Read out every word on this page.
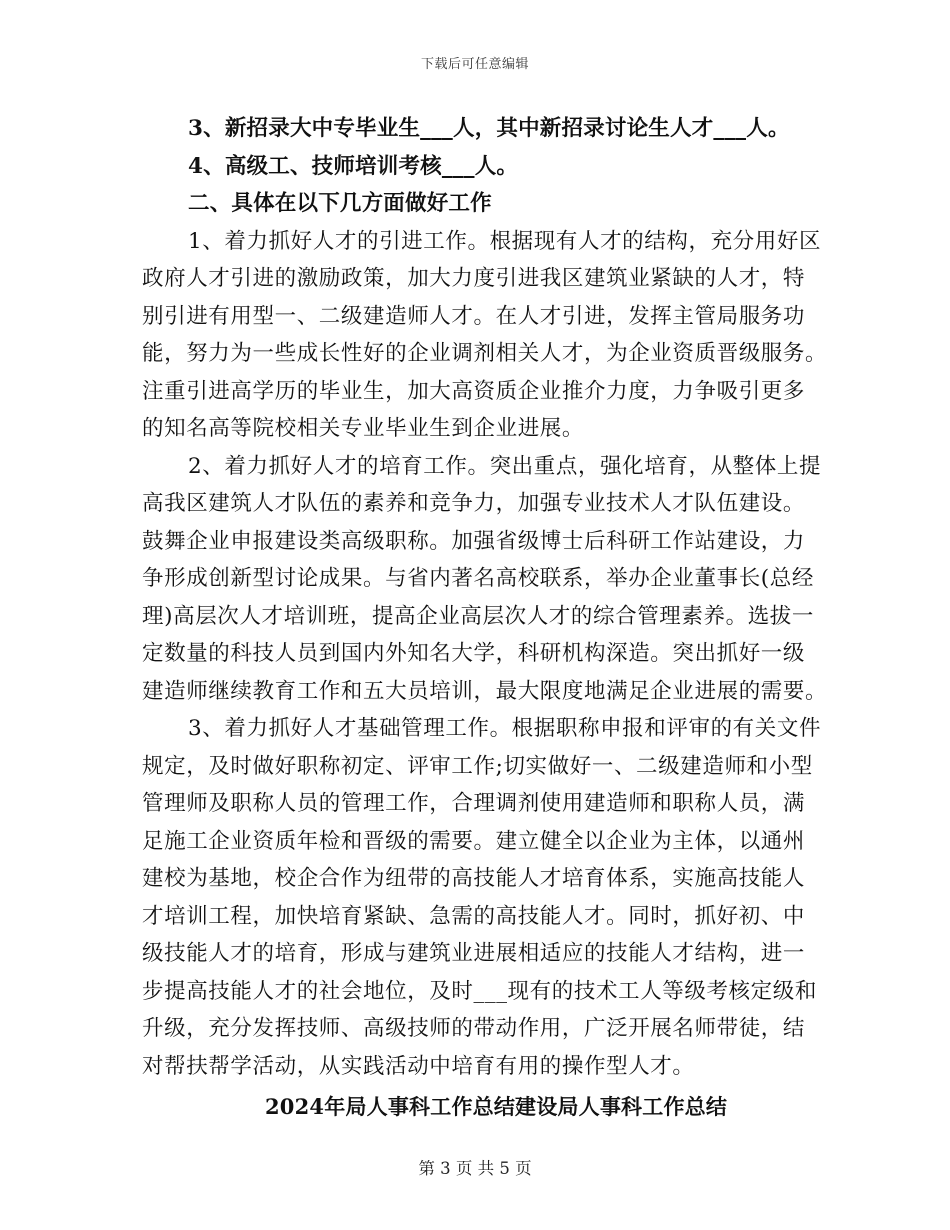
下载后可任意编辑
3、新招录大中专毕业生___人，其中新招录讨论生人才___人。
4、高级工、技师培训考核___人。
二、具体在以下几方面做好工作
1、着力抓好人才的引进工作。根据现有人才的结构，充分用好区
政府人才引进的激励政策，加大力度引进我区建筑业紧缺的人才，特
别引进有用型一、二级建造师人才。在人才引进，发挥主管局服务功
能，努力为一些成长性好的企业调剂相关人才，为企业资质晋级服务。
注重引进高学历的毕业生，加大高资质企业推介力度，力争吸引更多
的知名高等院校相关专业毕业生到企业进展。
2、着力抓好人才的培育工作。突出重点，强化培育，从整体上提
高我区建筑人才队伍的素养和竞争力，加强专业技术人才队伍建设。
鼓舞企业申报建设类高级职称。加强省级博士后科研工作站建设，力
争形成创新型讨论成果。与省内著名高校联系，举办企业董事长(总经
理)高层次人才培训班，提高企业高层次人才的综合管理素养。选拔一
定数量的科技人员到国内外知名大学，科研机构深造。突出抓好一级
建造师继续教育工作和五大员培训，最大限度地满足企业进展的需要。
3、着力抓好人才基础管理工作。根据职称申报和评审的有关文件
规定，及时做好职称初定、评审工作;切实做好一、二级建造师和小型
管理师及职称人员的管理工作，合理调剂使用建造师和职称人员，满
足施工企业资质年检和晋级的需要。建立健全以企业为主体，以通州
建校为基地，校企合作为纽带的高技能人才培育体系，实施高技能人
才培训工程，加快培育紧缺、急需的高技能人才。同时，抓好初、中
级技能人才的培育，形成与建筑业进展相适应的技能人才结构，进一
步提高技能人才的社会地位，及时___现有的技术工人等级考核定级和
升级，充分发挥技师、高级技师的带动作用，广泛开展名师带徒，结
对帮扶帮学活动，从实践活动中培育有用的操作型人才。
2024年局人事科工作总结建设局人事科工作总结
第 3 页 共 5 页
